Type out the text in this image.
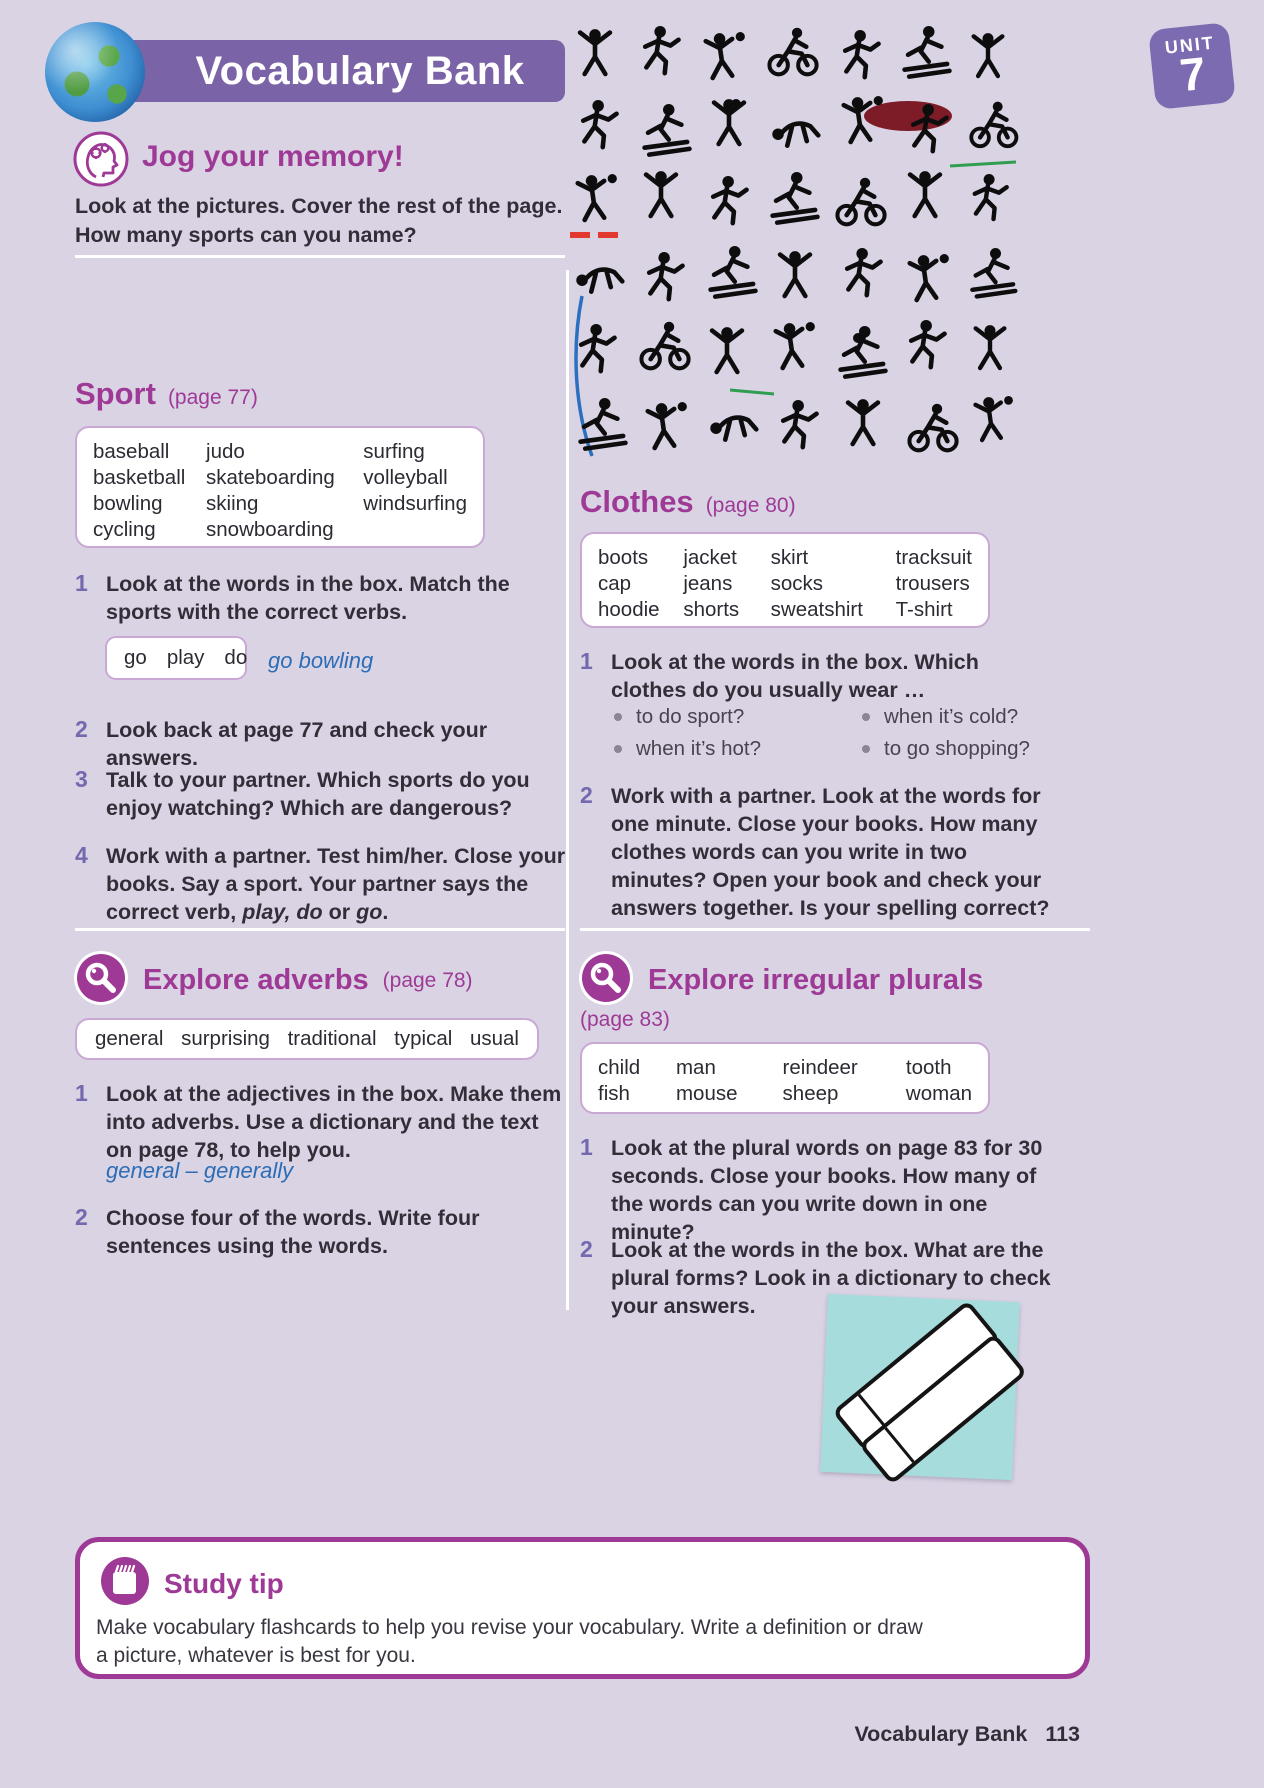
Vocabulary Bank
UNIT
7
Jog your memory!
Look at the pictures. Cover the rest of the page.
How many sports can you name?
Sport (page 77)
baseball
basketball
bowling
cycling
judo
skateboarding
skiing
snowboarding
surfing
volleyball
windsurfing
1 Look at the words in the box. Match the sports with the correct verbs.
go play do go bowling
2 Look back at page 77 and check your answers.
3 Talk to your partner. Which sports do you enjoy watching? Which are dangerous?
4 Work with a partner. Test him/her. Close your books. Say a sport. Your partner says the correct verb, play, do or go.
Clothes (page 80)
boots
cap
hoodie
jacket
jeans
shorts
skirt
socks
sweatshirt
tracksuit
trousers
T-shirt
1 Look at the words in the box. Which clothes do you usually wear …
to do sport?
when it’s hot?
when it’s cold?
to go shopping?
2 Work with a partner. Look at the words for one minute. Close your books. How many clothes words can you write in two minutes? Open your book and check your answers together. Is your spelling correct?
Explore adverbs (page 78)
general surprising traditional typical usual
1 Look at the adjectives in the box. Make them into adverbs. Use a dictionary and the text on page 78, to help you.
general – generally
2 Choose four of the words. Write four sentences using the words.
Explore irregular plurals
(page 83)
child
fish
man
mouse
reindeer
sheep
tooth
woman
1 Look at the plural words on page 83 for 30 seconds. Close your books. How many of the words can you write down in one minute?
2 Look at the words in the box. What are the plural forms? Look in a dictionary to check your answers.
Study tip
Make vocabulary flashcards to help you revise your vocabulary. Write a definition or draw a picture, whatever is best for you.
Vocabulary Bank 113
